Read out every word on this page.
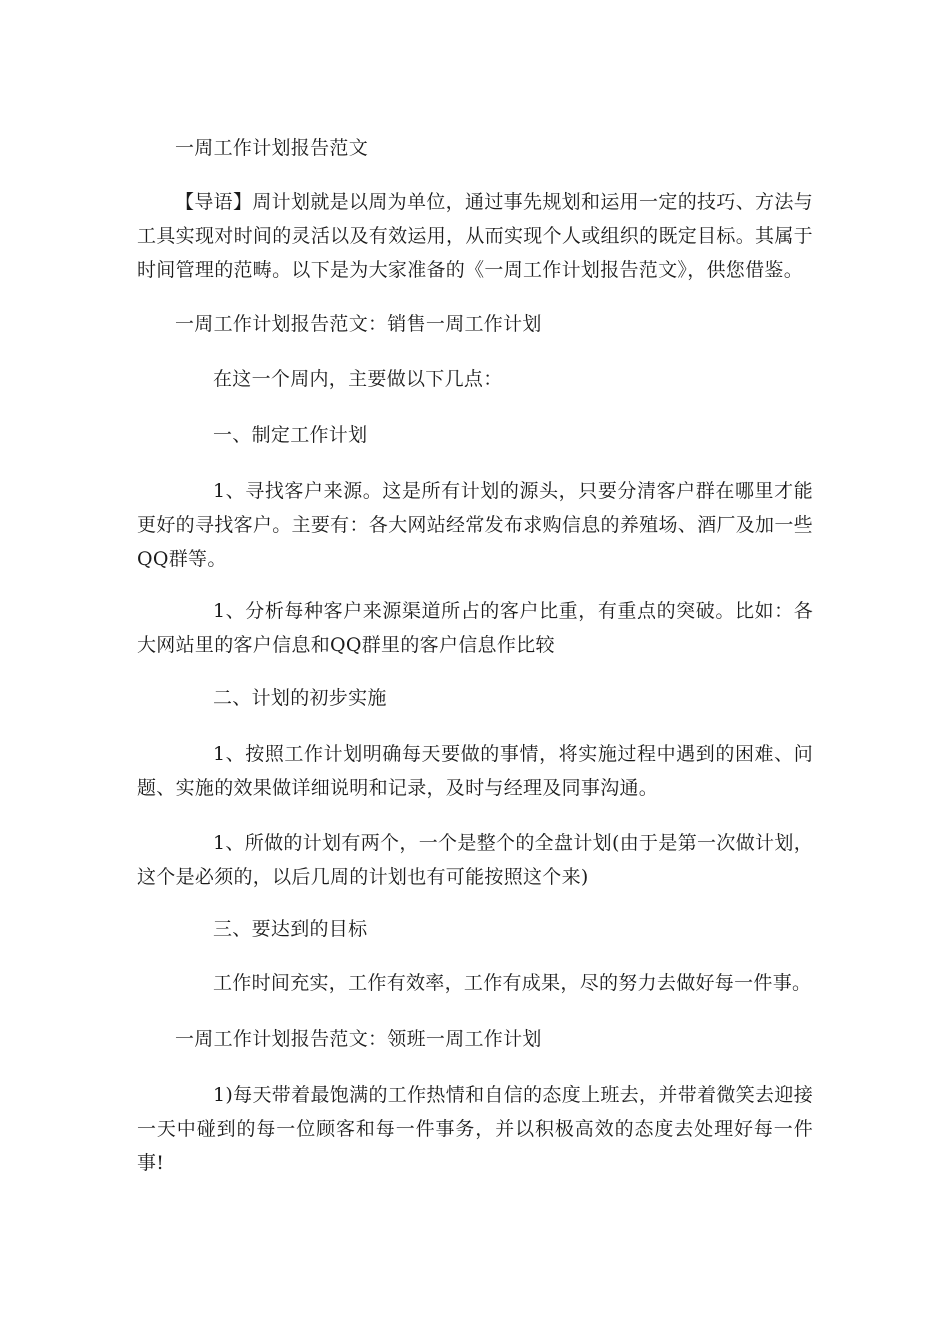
一周工作计划报告范文

【导语】周计划就是以周为单位，通过事先规划和运用一定的技巧、方法与工具实现对时间的灵活以及有效运用，从而实现个人或组织的既定目标。其属于时间管理的范畴。以下是为大家准备的《一周工作计划报告范文》，供您借鉴。

一周工作计划报告范文：销售一周工作计划

在这一个周内，主要做以下几点：

一、制定工作计划

1、寻找客户来源。这是所有计划的源头，只要分清客户群在哪里才能更好的寻找客户。主要有：各大网站经常发布求购信息的养殖场、酒厂及加一些QQ群等。

1、分析每种客户来源渠道所占的客户比重，有重点的突破。比如：各大网站里的客户信息和QQ群里的客户信息作比较

二、计划的初步实施

1、按照工作计划明确每天要做的事情，将实施过程中遇到的困难、问题、实施的效果做详细说明和记录，及时与经理及同事沟通。

1、所做的计划有两个，一个是整个的全盘计划(由于是第一次做计划，这个是必须的，以后几周的计划也有可能按照这个来)

三、要达到的目标

工作时间充实，工作有效率，工作有成果，尽的努力去做好每一件事。

一周工作计划报告范文：领班一周工作计划

1)每天带着最饱满的工作热情和自信的态度上班去，并带着微笑去迎接一天中碰到的每一位顾客和每一件事务，并以积极高效的态度去处理好每一件事!
